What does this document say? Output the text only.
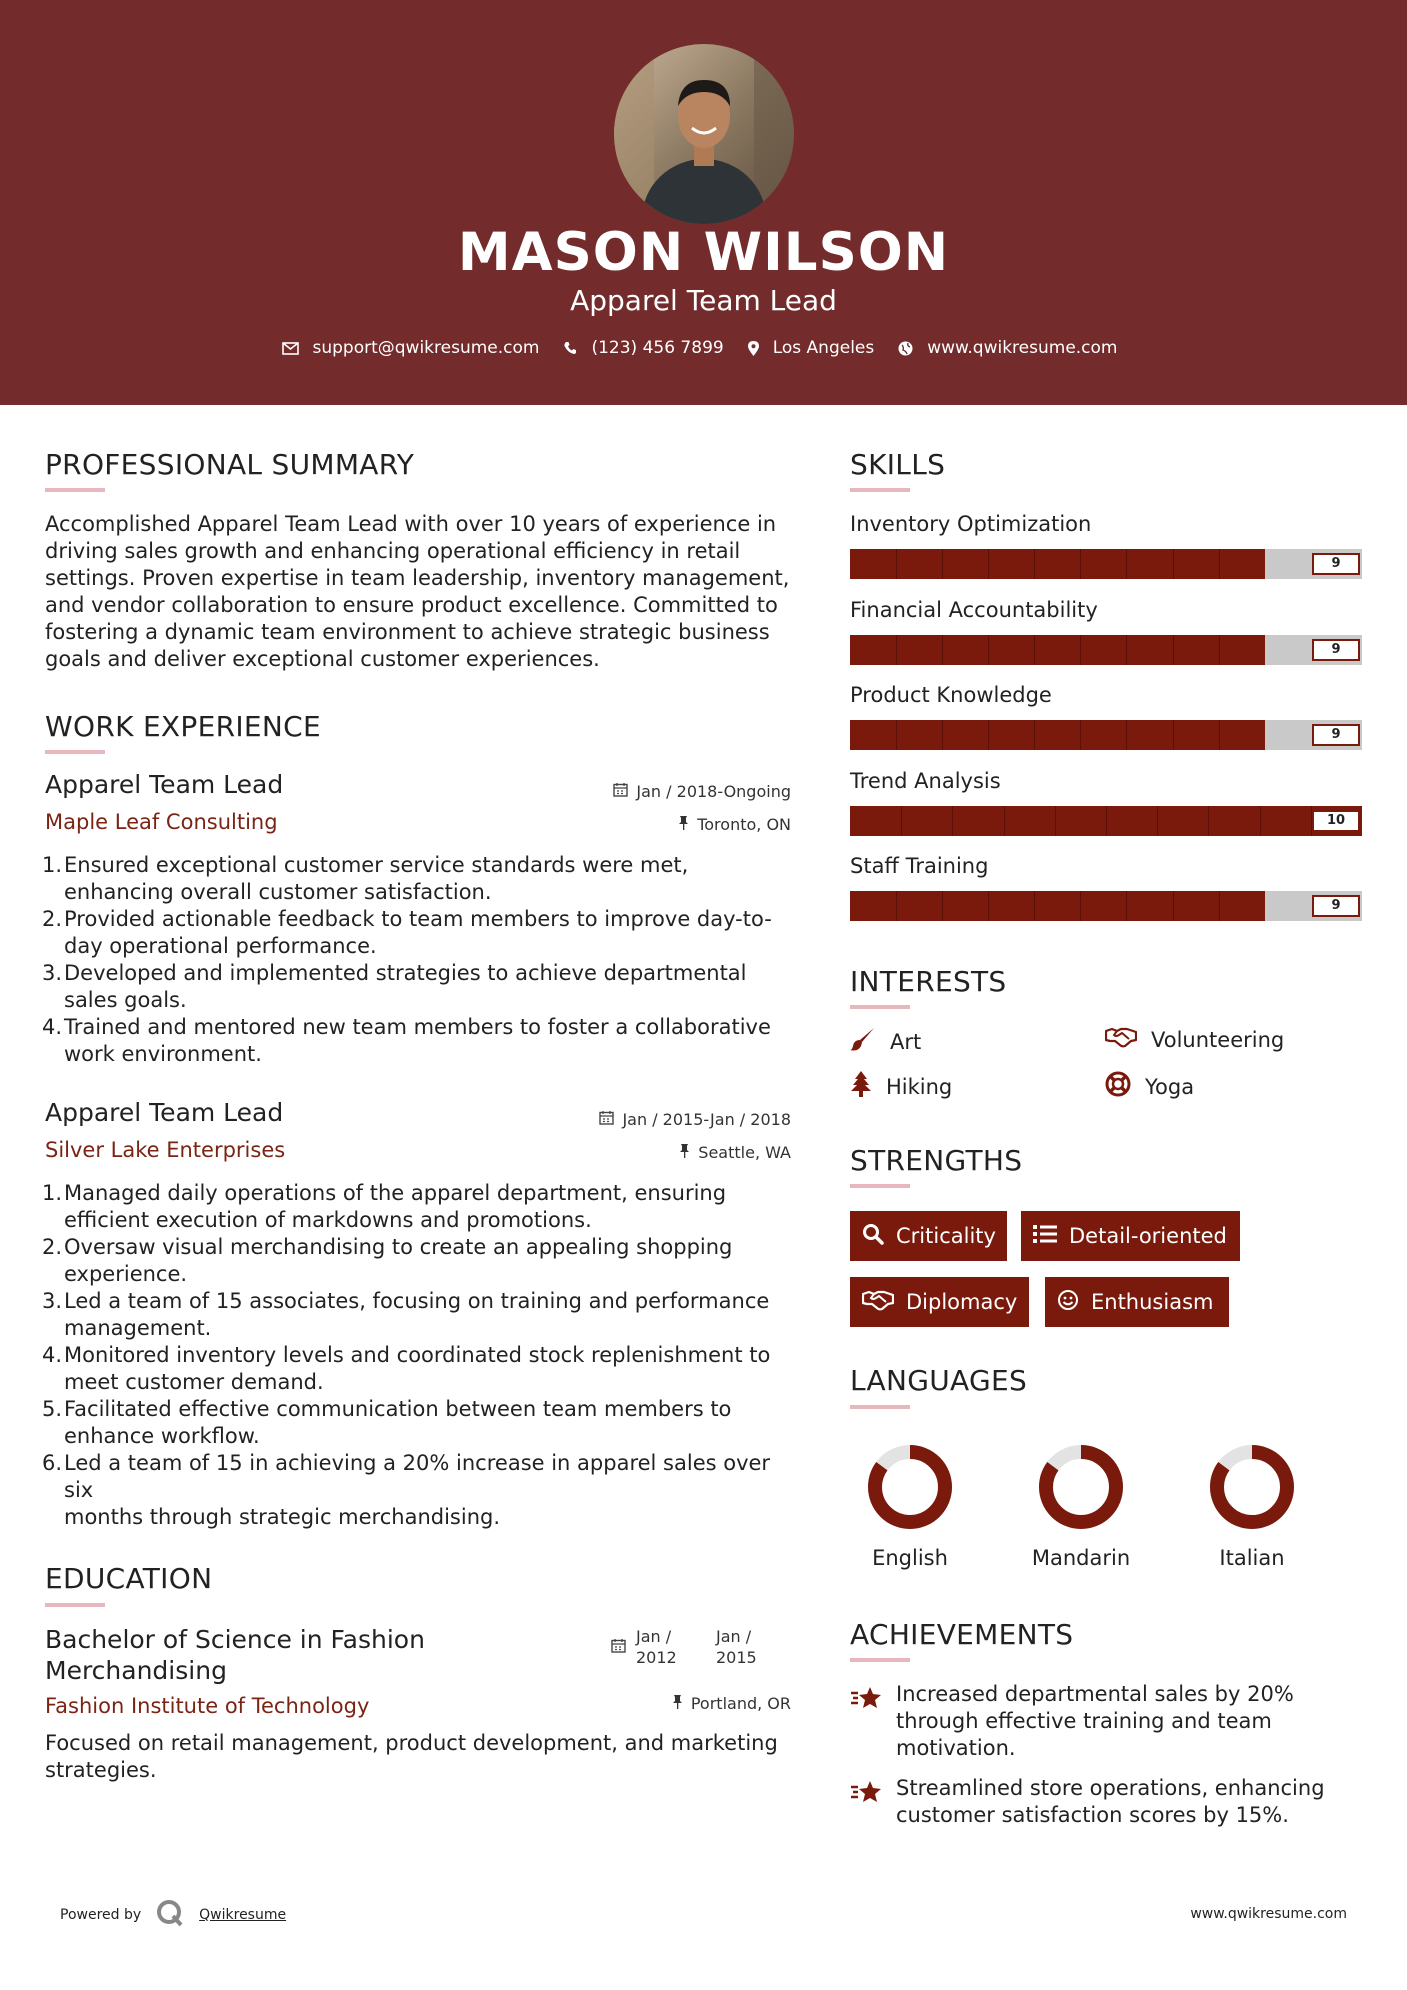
MASON WILSON
Apparel Team Lead
support@qwikresume.com	(123) 456 7899	Los Angeles	www.qwikresume.com
PROFESSIONAL SUMMARY
Accomplished Apparel Team Lead with over 10 years of experience in
driving sales growth and enhancing operational efficiency in retail
settings. Proven expertise in team leadership, inventory management,
and vendor collaboration to ensure product excellence. Committed to
fostering a dynamic team environment to achieve strategic business
goals and deliver exceptional customer experiences.
WORK EXPERIENCE
Apparel Team Lead	Jan / 2018-Ongoing
Maple Leaf Consulting	Toronto, ON
1. Ensured exceptional customer service standards were met,
enhancing overall customer satisfaction.
2. Provided actionable feedback to team members to improve day-to-
day operational performance.
3. Developed and implemented strategies to achieve departmental
sales goals.
4. Trained and mentored new team members to foster a collaborative
work environment.
Apparel Team Lead	Jan / 2015-Jan / 2018
Silver Lake Enterprises	Seattle, WA
1. Managed daily operations of the apparel department, ensuring
efficient execution of markdowns and promotions.
2. Oversaw visual merchandising to create an appealing shopping
experience.
3. Led a team of 15 associates, focusing on training and performance
management.
4. Monitored inventory levels and coordinated stock replenishment to
meet customer demand.
5. Facilitated effective communication between team members to
enhance workflow.
6. Led a team of 15 in achieving a 20% increase in apparel sales over six
months through strategic merchandising.
EDUCATION
Bachelor of Science in Fashion
Merchandising
Jan /
2012
Jan /
2015
Fashion Institute of Technology	Portland, OR
Focused on retail management, product development, and marketing
strategies.
SKILLS
Inventory Optimization
9
Financial Accountability
9
Product Knowledge
9
Trend Analysis
10
Staff Training
9
INTERESTS
Art	Volunteering
Hiking	Yoga
STRENGTHS
Criticality	Detail-oriented
Diplomacy	Enthusiasm
LANGUAGES
English	Mandarin	Italian
ACHIEVEMENTS
Increased departmental sales by 20%
through effective training and team
motivation.
Streamlined store operations, enhancing
customer satisfaction scores by 15%.
Powered by	Qwikresume	www.qwikresume.com
